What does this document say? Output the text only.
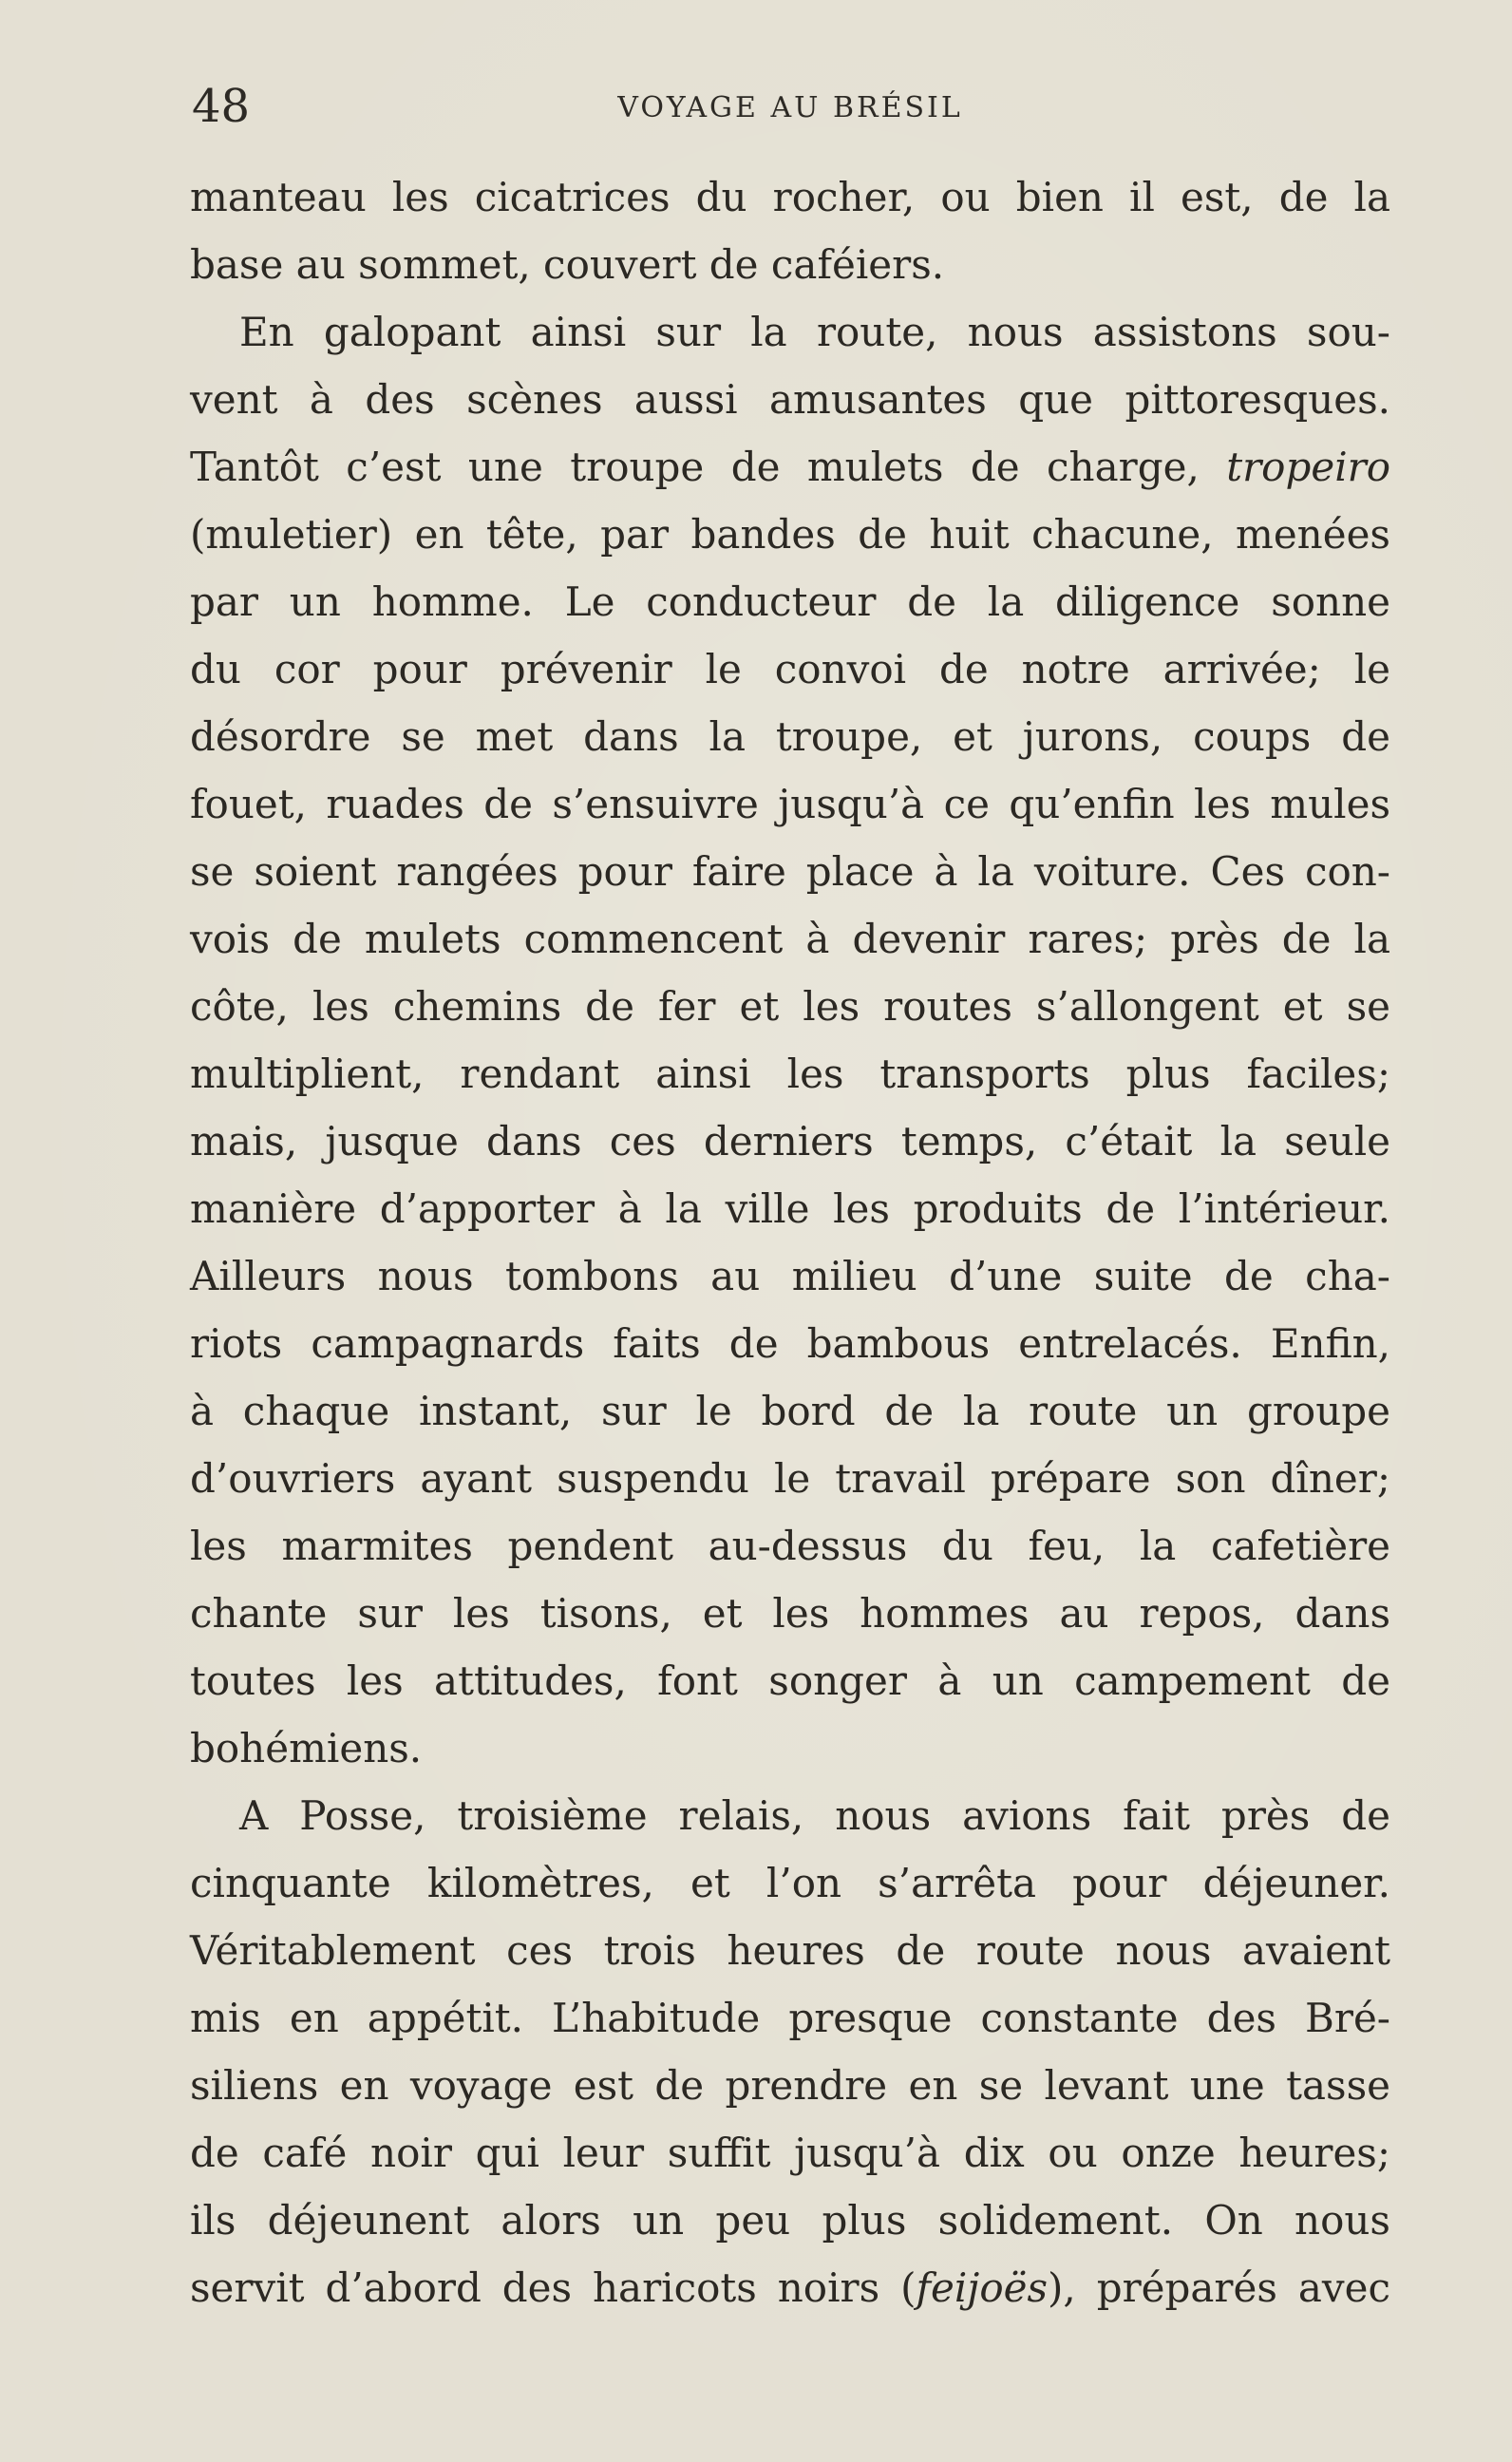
48	VOYAGE AU BRÉSIL
manteau les cicatrices du rocher, ou bien il est, de la
base au sommet, couvert de caféiers.
En galopant ainsi sur la route, nous assistons sou-
vent à des scènes aussi amusantes que pittoresques.
Tantôt c’est une troupe de mulets de charge, tropeiro
(muletier) en tête, par bandes de huit chacune, menées
par un homme. Le conducteur de la diligence sonne
du cor pour prévenir le convoi de notre arrivée; le
désordre se met dans la troupe, et jurons, coups de
fouet, ruades de s’ensuivre jusqu’à ce qu’enfin les mules
se soient rangées pour faire place à la voiture. Ces con-
vois de mulets commencent à devenir rares; près de la
côte, les chemins de fer et les routes s’allongent et se
multiplient, rendant ainsi les transports plus faciles;
mais, jusque dans ces derniers temps, c’était la seule
manière d’apporter à la ville les produits de l’intérieur.
Ailleurs nous tombons au milieu d’une suite de cha-
riots campagnards faits de bambous entrelacés. Enfin,
à chaque instant, sur le bord de la route un groupe
d’ouvriers ayant suspendu le travail prépare son dîner;
les marmites pendent au-dessus du feu, la cafetière
chante sur les tisons, et les hommes au repos, dans
toutes les attitudes, font songer à un campement de
bohémiens.
A Posse, troisième relais, nous avions fait près de
cinquante kilomètres, et l’on s’arrêta pour déjeuner.
Véritablement ces trois heures de route nous avaient
mis en appétit. L’habitude presque constante des Bré-
siliens en voyage est de prendre en se levant une tasse
de café noir qui leur suffit jusqu’à dix ou onze heures;
ils déjeunent alors un peu plus solidement. On nous
servit d’abord des haricots noirs (feijoës), préparés avec
